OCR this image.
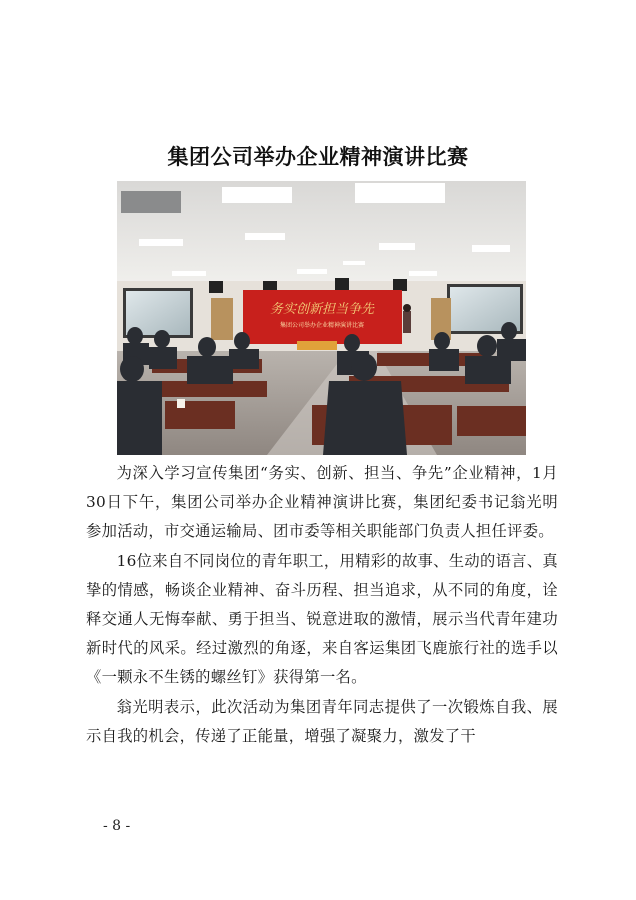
集团公司举办企业精神演讲比赛
务实创新担当争先
集团公司举办企业精神演讲比赛

为深入学习宣传集团“务实、创新、担当、争先”企业精神，1月30日下午，集团公司举办企业精神演讲比赛，集团纪委书记翁光明参加活动，市交通运输局、团市委等相关职能部门负责人担任评委。

16位来自不同岗位的青年职工，用精彩的故事、生动的语言、真挚的情感，畅谈企业精神、奋斗历程、担当追求，从不同的角度，诠释交通人无悔奉献、勇于担当、锐意进取的激情，展示当代青年建功新时代的风采。经过激烈的角逐，来自客运集团飞鹿旅行社的选手以《一颗永不生锈的螺丝钉》获得第一名。

翁光明表示，此次活动为集团青年同志提供了一次锻炼自我、展示自我的机会，传递了正能量，增强了凝聚力，激发了干

- 8 -
